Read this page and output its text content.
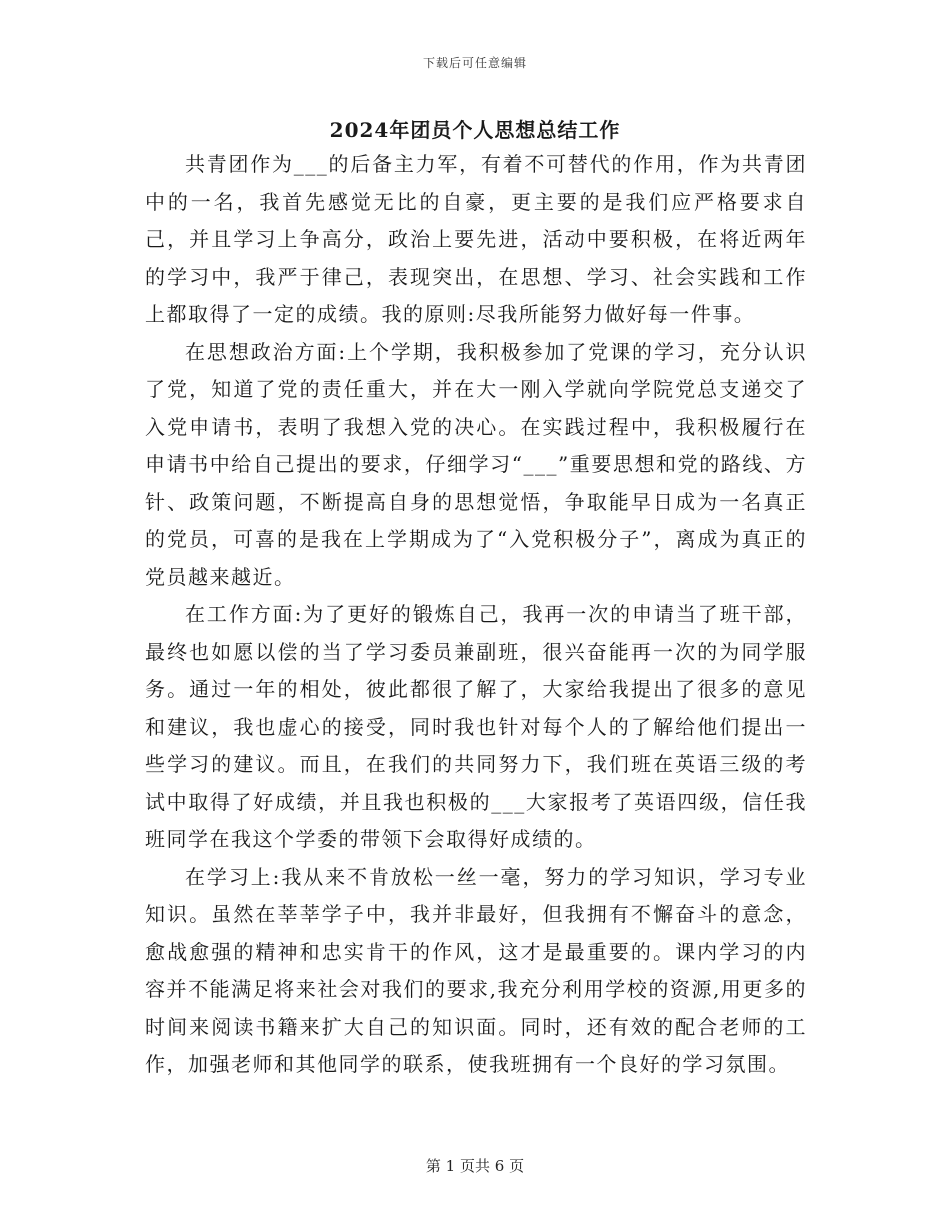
下载后可任意编辑
2024年团员个人思想总结工作

共青团作为___的后备主力军，有着不可替代的作用，作为共青团中的一名，我首先感觉无比的自豪，更主要的是我们应严格要求自己，并且学习上争高分，政治上要先进，活动中要积极，在将近两年的学习中，我严于律己，表现突出，在思想、学习、社会实践和工作上都取得了一定的成绩。我的原则:尽我所能努力做好每一件事。

在思想政治方面:上个学期，我积极参加了党课的学习，充分认识了党，知道了党的责任重大，并在大一刚入学就向学院党总支递交了入党申请书，表明了我想入党的决心。在实践过程中，我积极履行在申请书中给自己提出的要求，仔细学习“___”重要思想和党的路线、方针、政策问题，不断提高自身的思想觉悟，争取能早日成为一名真正的党员，可喜的是我在上学期成为了“入党积极分子”，离成为真正的党员越来越近。

在工作方面:为了更好的锻炼自己，我再一次的申请当了班干部，最终也如愿以偿的当了学习委员兼副班，很兴奋能再一次的为同学服务。通过一年的相处，彼此都很了解了，大家给我提出了很多的意见和建议，我也虚心的接受，同时我也针对每个人的了解给他们提出一些学习的建议。而且，在我们的共同努力下，我们班在英语三级的考试中取得了好成绩，并且我也积极的___大家报考了英语四级，信任我班同学在我这个学委的带领下会取得好成绩的。

在学习上:我从来不肯放松一丝一毫，努力的学习知识，学习专业知识。虽然在莘莘学子中，我并非最好，但我拥有不懈奋斗的意念，愈战愈强的精神和忠实肯干的作风，这才是最重要的。课内学习的内容并不能满足将来社会对我们的要求,我充分利用学校的资源,用更多的时间来阅读书籍来扩大自己的知识面。同时，还有效的配合老师的工作，加强老师和其他同学的联系，使我班拥有一个良好的学习氛围。

第 1 页共 6 页
